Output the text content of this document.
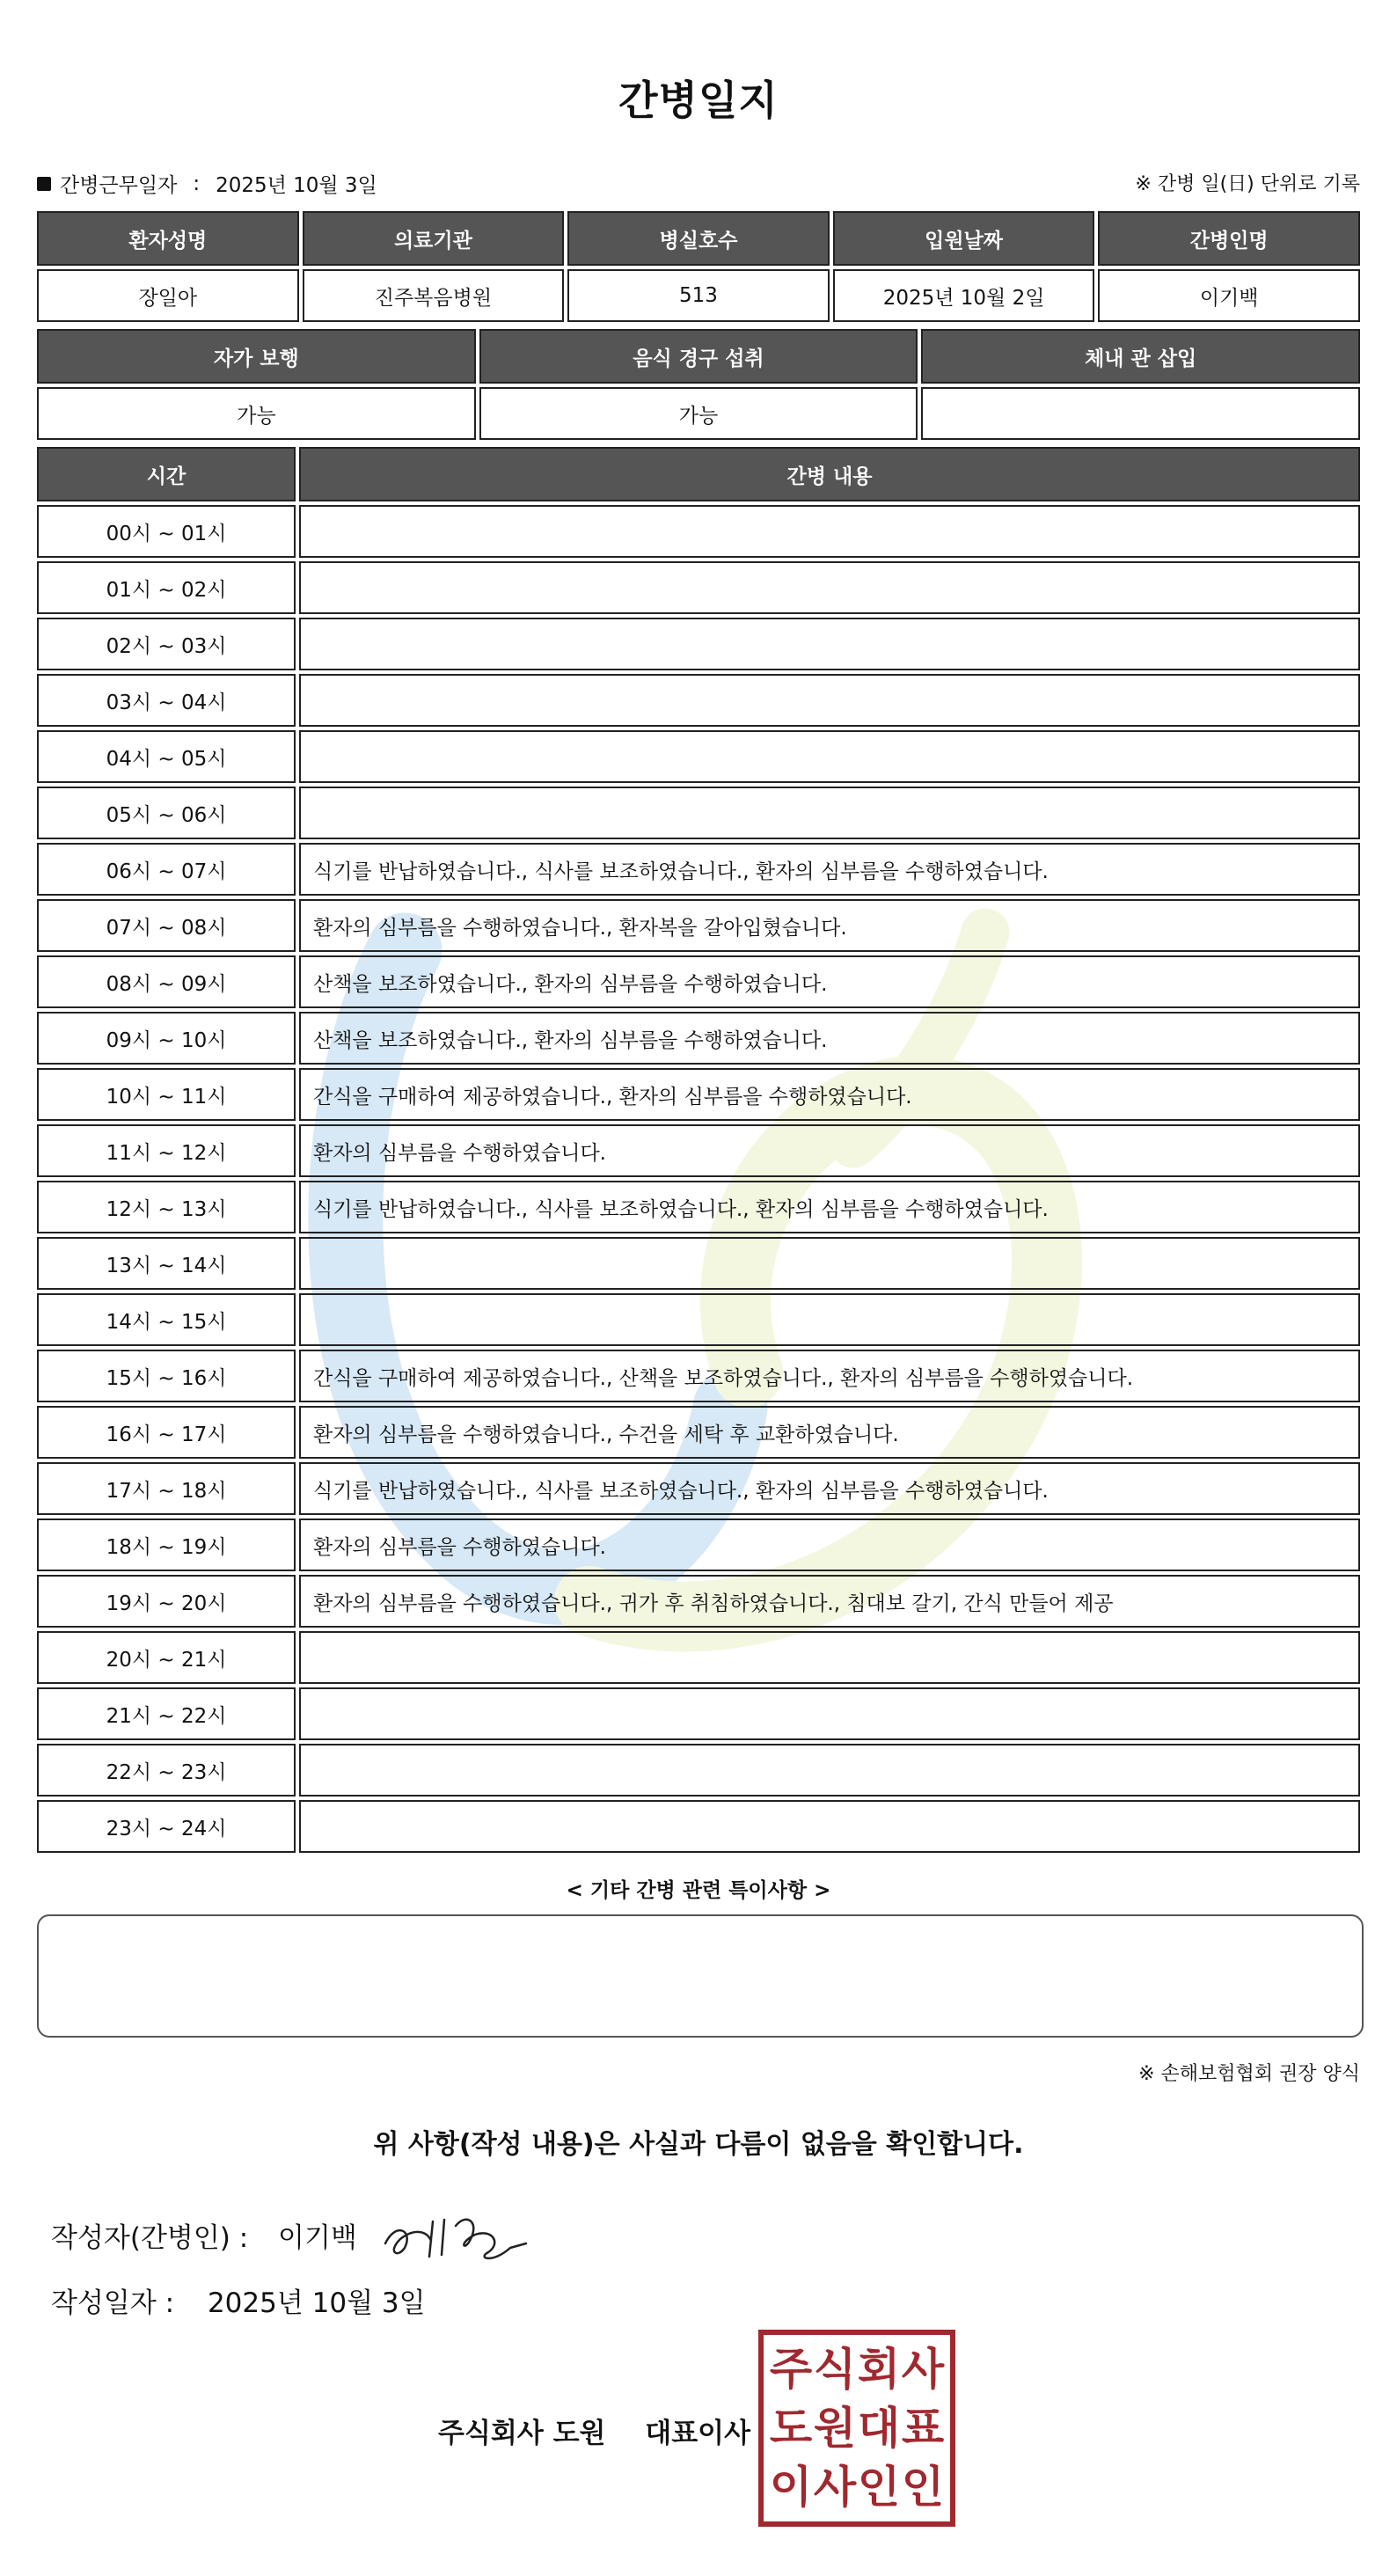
간병일지
간병근무일자 : 2025년 10월 3일	※ 간병 일(日) 단위로 기록
환자성명	의료기관	병실호수	입원날짜	간병인명
장일아	진주복음병원	513	2025년 10월 2일	이기백
자가 보행	음식 경구 섭취	체내 관 삽입
가능	가능	
시간	간병 내용
00시 ~ 01시	
01시 ~ 02시	
02시 ~ 03시	
03시 ~ 04시	
04시 ~ 05시	
05시 ~ 06시	
06시 ~ 07시	식기를 반납하였습니다., 식사를 보조하였습니다., 환자의 심부름을 수행하였습니다.
07시 ~ 08시	환자의 심부름을 수행하였습니다., 환자복을 갈아입혔습니다.
08시 ~ 09시	산책을 보조하였습니다., 환자의 심부름을 수행하였습니다.
09시 ~ 10시	산책을 보조하였습니다., 환자의 심부름을 수행하였습니다.
10시 ~ 11시	간식을 구매하여 제공하였습니다., 환자의 심부름을 수행하였습니다.
11시 ~ 12시	환자의 심부름을 수행하였습니다.
12시 ~ 13시	식기를 반납하였습니다., 식사를 보조하였습니다., 환자의 심부름을 수행하였습니다.
13시 ~ 14시	
14시 ~ 15시	
15시 ~ 16시	간식을 구매하여 제공하였습니다., 산책을 보조하였습니다., 환자의 심부름을 수행하였습니다.
16시 ~ 17시	환자의 심부름을 수행하였습니다., 수건을 세탁 후 교환하였습니다.
17시 ~ 18시	식기를 반납하였습니다., 식사를 보조하였습니다., 환자의 심부름을 수행하였습니다.
18시 ~ 19시	환자의 심부름을 수행하였습니다.
19시 ~ 20시	환자의 심부름을 수행하였습니다., 귀가 후 취침하였습니다., 침대보 갈기, 간식 만들어 제공
20시 ~ 21시	
21시 ~ 22시	
22시 ~ 23시	
23시 ~ 24시	
< 기타 간병 관련 특이사항 >
※ 손해보험협회 권장 양식
위 사항(작성 내용)은 사실과 다름이 없음을 확인합니다.
작성자(간병인) : 이기백
작성일자 : 2025년 10월 3일
주식회사 도원 대표이사
주 식 회 사
도 원 대 표
이 사 인 인
